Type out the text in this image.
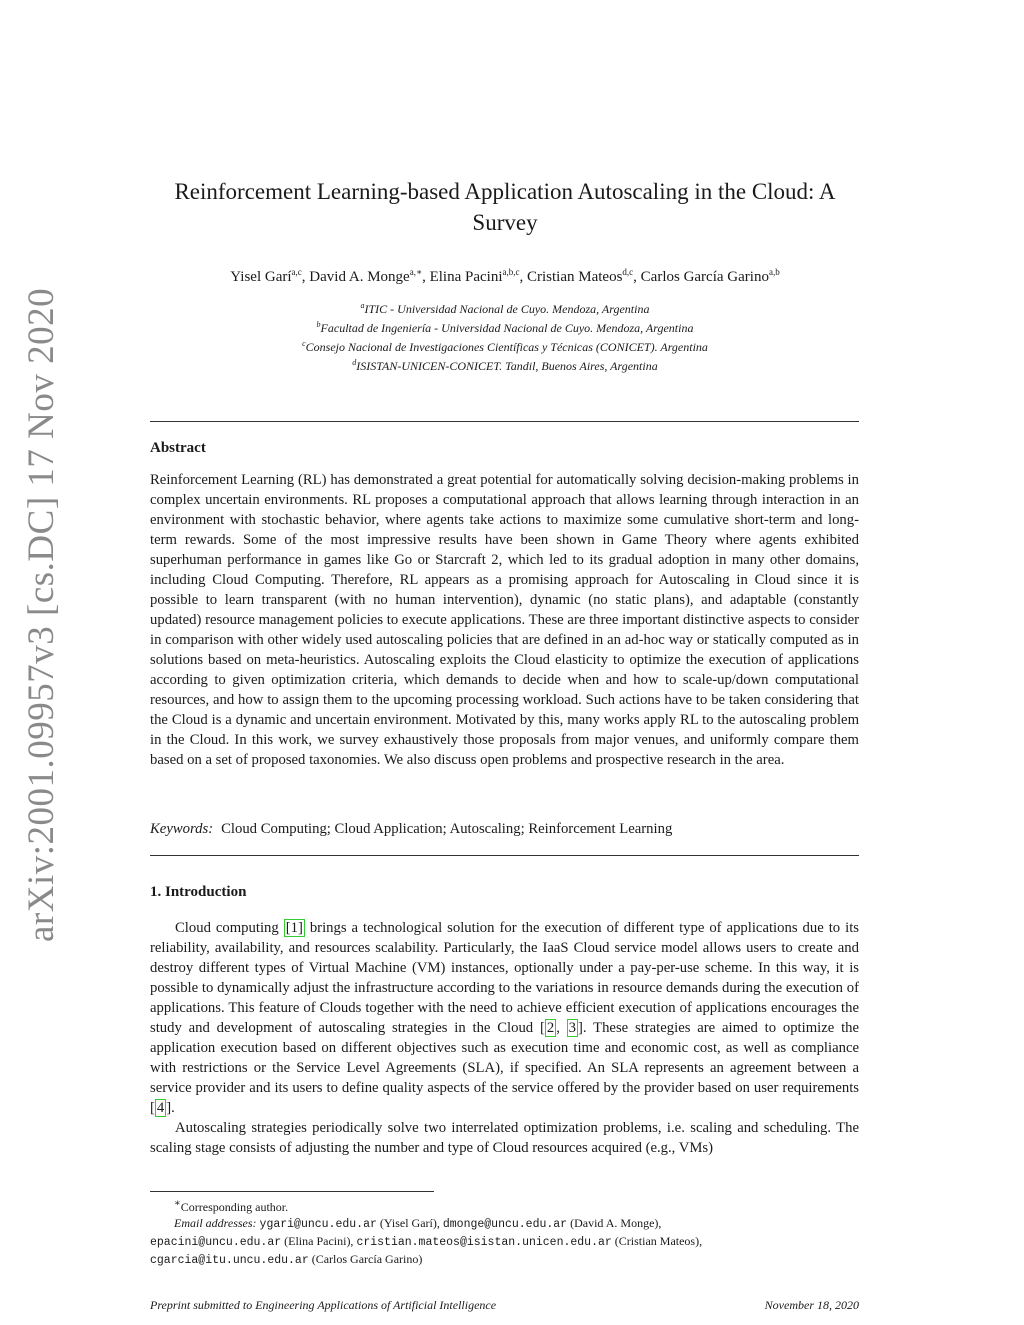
arXiv:2001.09957v3 [cs.DC] 17 Nov 2020
Reinforcement Learning-based Application Autoscaling in the Cloud: A Survey
Yisel Garí$^{a,c}$, David A. Monge$^{a,∗}$, Elina Pacini$^{a,b,c}$, Cristian Mateos$^{d,c}$, Carlos García Garino$^{a,b}$
$^a$ITIC - Universidad Nacional de Cuyo. Mendoza, Argentina
$^b$Facultad de Ingeniería - Universidad Nacional de Cuyo. Mendoza, Argentina
$^c$Consejo Nacional de Investigaciones Científicas y Técnicas (CONICET). Argentina
$^d$ISISTAN-UNICEN-CONICET. Tandil, Buenos Aires, Argentina
Abstract
Reinforcement Learning (RL) has demonstrated a great potential for automatically solving decision-making problems in complex uncertain environments. RL proposes a computational approach that allows learning through interaction in an environment with stochastic behavior, where agents take actions to maximize some cumulative short-term and long-term rewards. Some of the most impressive results have been shown in Game Theory where agents exhibited superhuman performance in games like Go or Starcraft 2, which led to its gradual adoption in many other domains, including Cloud Computing. Therefore, RL appears as a promising approach for Autoscaling in Cloud since it is possible to learn transparent (with no human intervention), dynamic (no static plans), and adaptable (constantly updated) resource management policies to execute applications. These are three important distinctive aspects to consider in comparison with other widely used autoscaling policies that are defined in an ad-hoc way or statically computed as in solutions based on meta-heuristics. Autoscaling exploits the Cloud elasticity to optimize the execution of applications according to given optimization criteria, which demands to decide when and how to scale-up/down computational resources, and how to assign them to the upcoming processing workload. Such actions have to be taken considering that the Cloud is a dynamic and uncertain environment. Motivated by this, many works apply RL to the autoscaling problem in the Cloud. In this work, we survey exhaustively those proposals from major venues, and uniformly compare them based on a set of proposed taxonomies. We also discuss open problems and prospective research in the area.
Keywords: Cloud Computing; Cloud Application; Autoscaling; Reinforcement Learning
1. Introduction

Cloud computing [1] brings a technological solution for the execution of different type of applications due to its reliability, availability, and resources scalability. Particularly, the IaaS Cloud service model allows users to create and destroy different types of Virtual Machine (VM) instances, optionally under a pay-per-use scheme. In this way, it is possible to dynamically adjust the infrastructure according to the variations in resource demands during the execution of applications. This feature of Clouds together with the need to achieve efficient execution of applications encourages the study and development of autoscaling strategies in the Cloud [ 2 , 3 ]. These strategies are aimed to optimize the application execution based on different objectives such as execution time and economic cost, as well as compliance with restrictions or the Service Level Agreements (SLA), if specified. An SLA represents an agreement between a service provider and its users to define quality aspects of the service offered by the provider based on user requirements [ 4 ].

Autoscaling strategies periodically solve two interrelated optimization problems, i.e. scaling and scheduling. The scaling stage consists of adjusting the number and type of Cloud resources acquired (e.g., VMs)

∗Corresponding author.
Email addresses: ygari@uncu.edu.ar (Yisel Garí), dmonge@uncu.edu.ar (David A. Monge),
epacini@uncu.edu.ar (Elina Pacini), cristian.mateos@isistan.unicen.edu.ar (Cristian Mateos),
cgarcia@itu.uncu.edu.ar (Carlos García Garino)
Preprint submitted to Engineering Applications of Artificial Intelligence	November 18, 2020
